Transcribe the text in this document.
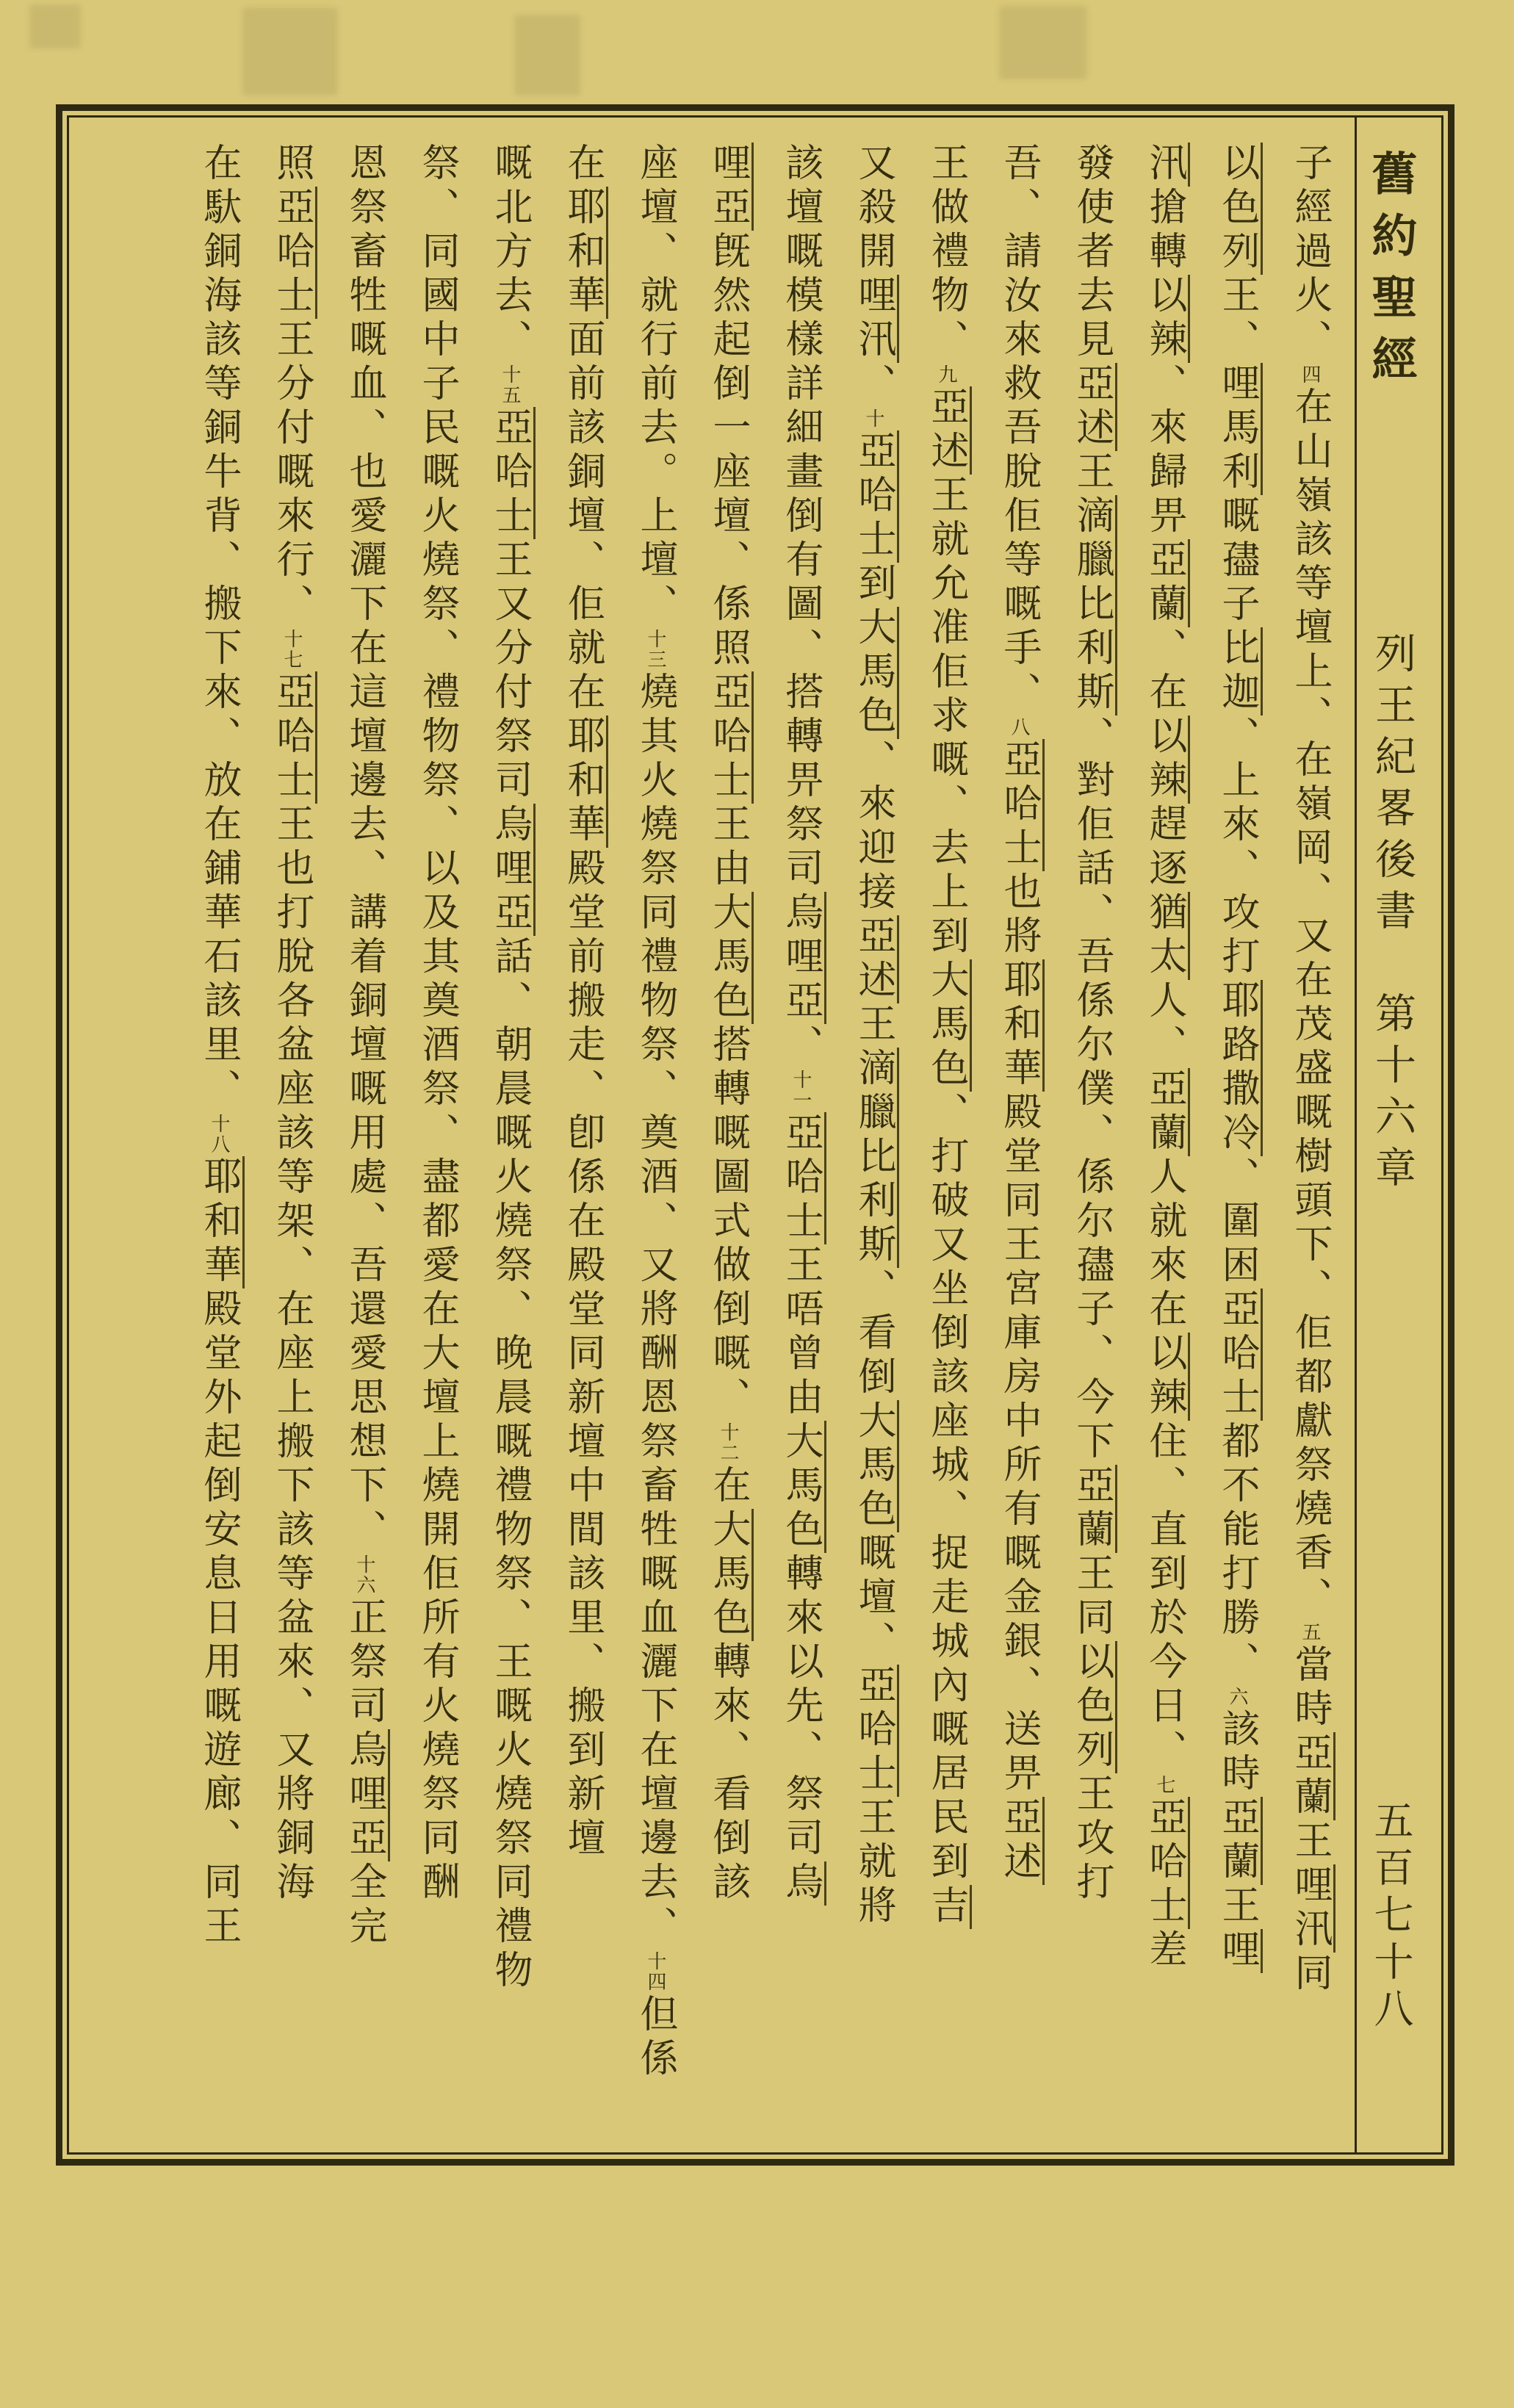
舊約聖經
列王紀畧後書　第十六章
五百七十八
子經過火、四在山嶺該等壇上、在嶺岡、又在茂盛嘅樹頭下、佢都獻祭燒香、五當時亞蘭王哩汛同
以色列王、哩馬利嘅孻子比迦、上來、攻打耶路撒冷、圍困亞哈士都不能打勝、六該時亞蘭王哩
汛搶轉以辣、來歸畀亞蘭、在以辣趕逐猶太人、亞蘭人就來在以辣住、直到於今日、七亞哈士差
發使者去見亞述王滴臘比利斯、對佢話、吾係尔僕、係尔孻子、今下亞蘭王同以色列王攻打
吾、請汝來救吾脫佢等嘅手、八亞哈士也將耶和華殿堂同王宮庫房中所有嘅金銀、送畀亞述
王做禮物、九亞述王就允准佢求嘅、去上到大馬色、打破又坐倒該座城、捉走城內嘅居民到吉
又殺開哩汛、十亞哈士到大馬色、來迎接亞述王滴臘比利斯、看倒大馬色嘅壇、亞哈士王就將
該壇嘅模樣詳細畫倒有圖、搭轉畀祭司烏哩亞、十一亞哈士王唔曾由大馬色轉來以先、祭司烏
哩亞旣然起倒一座壇、係照亞哈士王由大馬色搭轉嘅圖式做倒嘅、十二在大馬色轉來、看倒該
座壇、就行前去。上壇、十三燒其火燒祭同禮物祭、奠酒、又將酬恩祭畜牲嘅血灑下在壇邊去、十四但係
在耶和華面前該銅壇、佢就在耶和華殿堂前搬走、卽係在殿堂同新壇中間該里、搬到新壇
嘅北方去、十五亞哈士王又分付祭司烏哩亞話、朝晨嘅火燒祭、晚晨嘅禮物祭、王嘅火燒祭同禮物
祭、同國中子民嘅火燒祭、禮物祭、以及其奠酒祭、盡都愛在大壇上燒開佢所有火燒祭同酬
恩祭畜牲嘅血、也愛灑下在這壇邊去、講着銅壇嘅用處、吾還愛思想下、十六正祭司烏哩亞全完
照亞哈士王分付嘅來行、十七亞哈士王也打脫各盆座該等架、在座上搬下該等盆來、又將銅海
在馱銅海該等銅牛背、搬下來、放在鋪華石該里、十八耶和華殿堂外起倒安息日用嘅遊廊、同王
